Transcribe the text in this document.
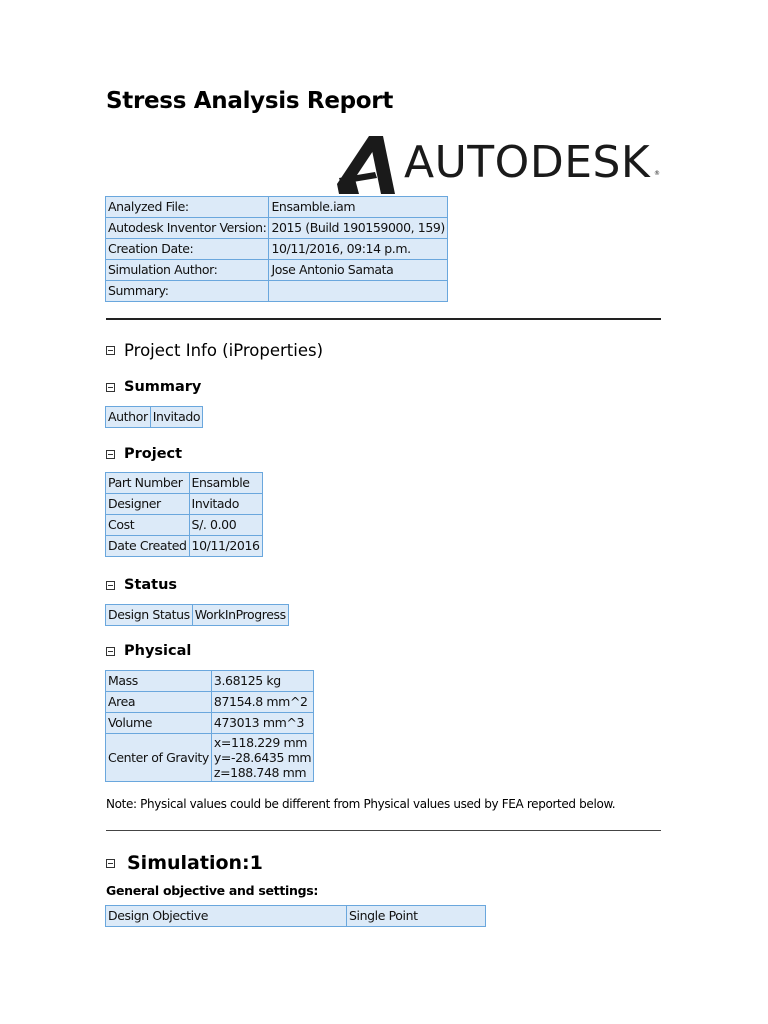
Stress Analysis Report
AUTODESK ®
Analyzed File:	Ensamble.iam
Autodesk Inventor Version:	2015 (Build 190159000, 159)
Creation Date:	10/11/2016, 09:14 p.m.
Simulation Author:	Jose Antonio Samata
Summary:	
Project Info (iProperties)
Summary
Author	Invitado
Project
Part Number	Ensamble
Designer	Invitado
Cost	S/. 0.00
Date Created	10/11/2016
Status
Design Status	WorkInProgress
Physical
Mass	3.68125 kg
Area	87154.8 mm^2
Volume	473013 mm^3
Center of Gravity	x=118.229 mm
y=-28.6435 mm
z=188.748 mm
Note: Physical values could be different from Physical values used by FEA reported below.
Simulation:1
General objective and settings:
Design Objective	Single Point
